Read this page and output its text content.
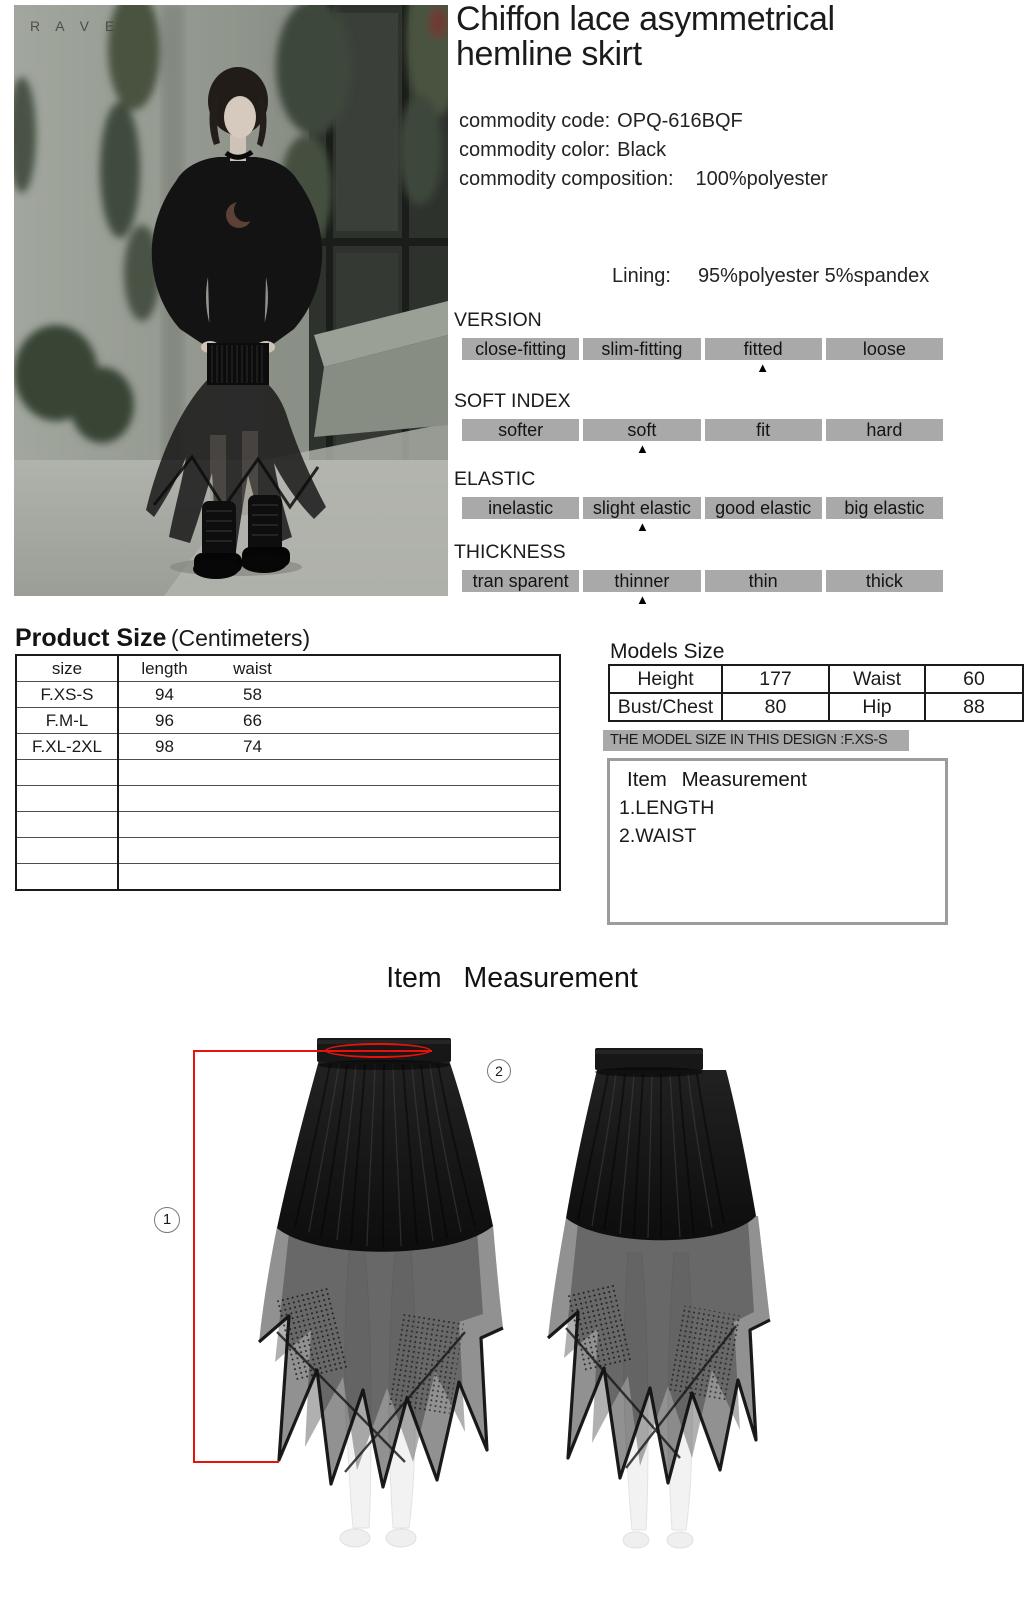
R A V E	Chiffon lace asymmetrical
hemline skirt
commodity code: OPQ-616BQF
commodity color: Black
commodity composition: 100%polyester
Lining: 95%polyester 5%spandex
VERSION
close-fitting	slim-fitting	fitted	loose
▲
SOFT INDEX
softer	soft	fit	hard
▲
ELASTIC
inelastic	slight elastic	good elastic	big elastic
▲
THICKNESS
tran sparent	thinner	thin	thick
▲
Product Size (Centimeters)
size	length	waist	
F.XS-S	94	58	
F.M-L	96	66	
F.XL-2XL	98	74	

Models Size
Height	177	Waist	60
Bust/Chest	80	Hip	88
THE MODEL SIZE IN THIS DESIGN :F.XS-S
Item Measurement
1.LENGTH
2.WAIST
Item Measurement
1
2
